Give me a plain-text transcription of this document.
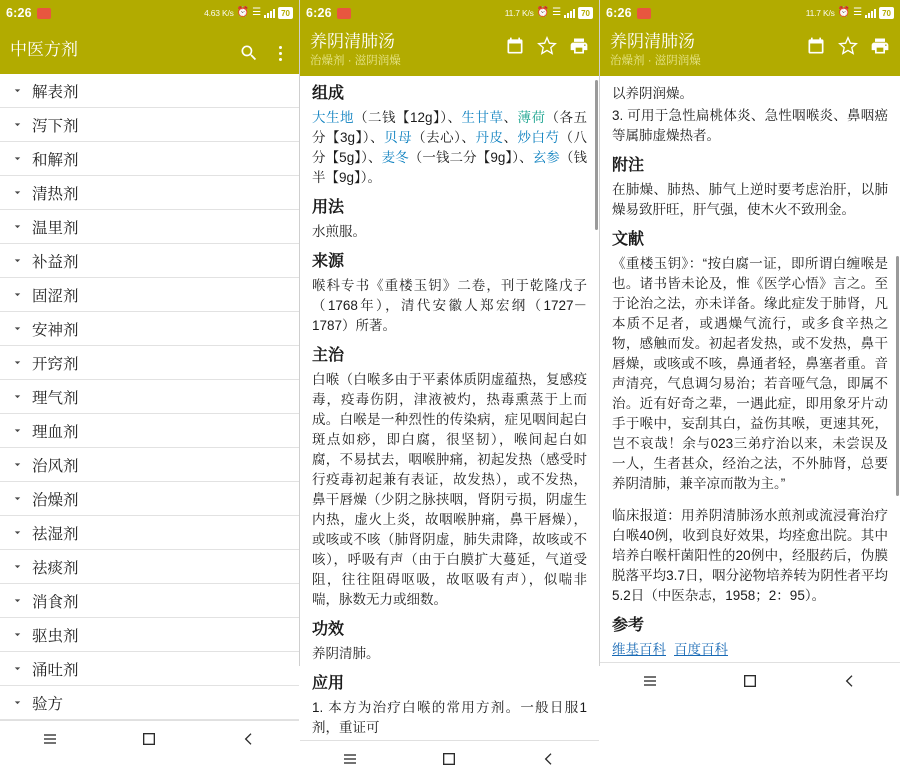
6:26	4.63 K/s ⏰ ☰	70
中医方剂
解表剂
泻下剂
和解剂
清热剂
温里剂
补益剂
固涩剂
安神剂
开窍剂
理气剂
理血剂
治风剂
治燥剂
祛湿剂
祛痰剂
消食剂
驱虫剂
涌吐剂
验方
6:26	11.7 K/s ⏰ ☰	70
养阴清肺汤
治燥剂 · 滋阴润燥
组成
大生地（二钱【12g】）、生甘草、薄荷（各五分【3g】）、贝母（去心）、丹皮、炒白芍（八分【5g】）、麦冬（一钱二分【9g】）、玄参（钱半【9g】）。
用法
水煎服。
来源
喉科专书《重楼玉钥》二卷，刊于乾隆戊子（1768年），清代安徽人郑宏纲（1727－1787）所著。
主治
白喉（白喉多由于平素体质阴虚蕴热，复感疫毒，疫毒伤阴，津液被灼，热毒熏蒸于上而成。白喉是一种烈性的传染病，症见咽间起白斑点如痧，即白腐，很坚韧），喉间起白如腐，不易拭去，咽喉肿痛，初起发热（感受时行疫毒初起兼有表证，故发热），或不发热，鼻干唇燥（少阴之脉挟咽，肾阴亏损，阴虚生内热，虚火上炎，故咽喉肿痛，鼻干唇燥），或咳或不咳（肺肾阴虚，肺失肃降，故咳或不咳），呼吸有声（由于白膜扩大蔓延，气道受阻，往往阻碍呕吸，故呕吸有声），似喘非喘，脉数无力或细数。
功效
养阴清肺。
应用
1. 本方为治疗白喉的常用方剂。一般日服1剂，重证可
6:26	11.7 K/s ⏰ ☰	70
养阴清肺汤
治燥剂 · 滋阴润燥
以养阴润燥。
3. 可用于急性扁桃体炎、急性咽喉炎、鼻咽癌等属肺虚燥热者。
附注
在肺燥、肺热、肺气上逆时要考虑治肝，以肺燥易致肝旺，肝气强，使木火不致刑金。
文献
《重楼玉钥》：“按白腐一证，即所谓白缠喉是也。诸书皆未论及，惟《医学心悟》言之。至于论治之法，亦未详备。缘此症发于肺肾，凡本质不足者，或遇燥气流行，或多食辛热之物，感触而发。初起者发热，或不发热，鼻干唇燥，或咳或不咳，鼻通者轻，鼻塞者重。音声清亮，气息调匀易治；若音哑气急，即属不治。近有好奇之辈，一遇此症，即用象牙片动手于喉中，妄刮其白，益伤其喉，更速其死，岂不哀哉！余与023三弟疗治以来，未尝误及一人，生者甚众，经治之法，不外肺肾，总要养阴清肺，兼辛凉而散为主。”
临床报道：用养阴清肺汤水煎剂或流浸膏治疗白喉40例，收到良好效果，均痊愈出院。其中培养白喉杆菌阳性的20例中，经服药后，伪膜脱落平均3.7日，咽分泌物培养转为阴性者平均5.2日（中医杂志，1958；2：95）。
参考
维基百科 百度百科
